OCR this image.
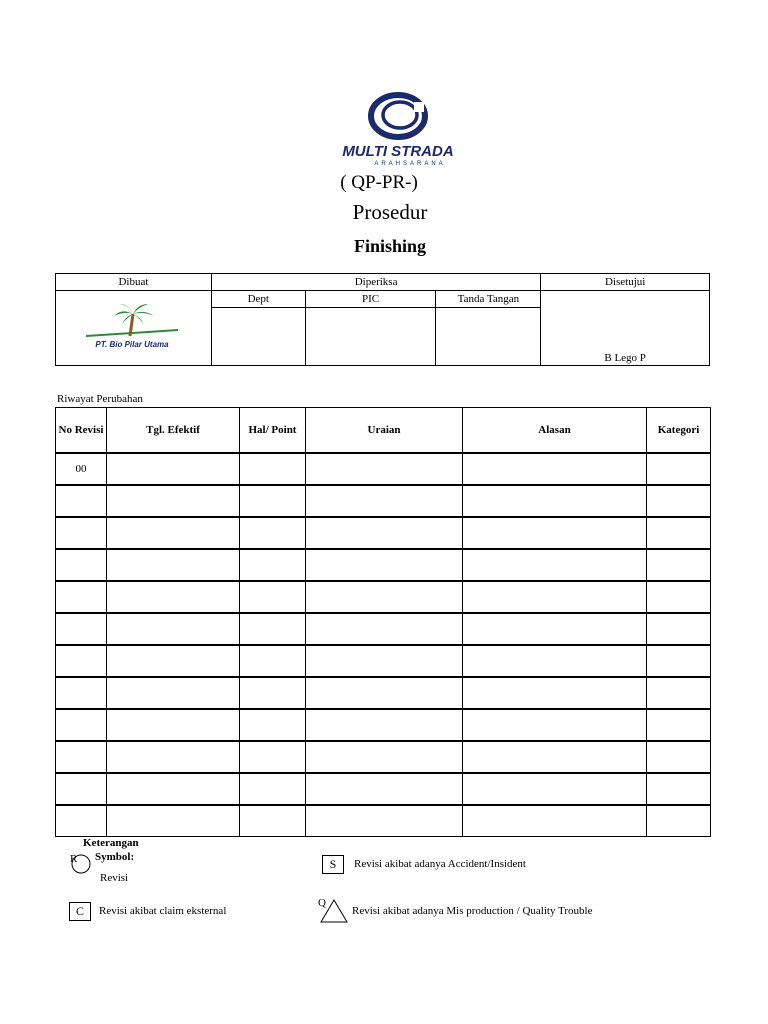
MULTI STRADA
ARAHSARANA
( QP-PR-)
Prosedur
Finishing
Dibuat	Diperiksa			Disetujui

PT. Bio Pilar Utama	Dept	PIC	Tanda Tangan	B Lego P

Riwayat Perubahan
No Revisi	Tgl. Efektif	Hal/ Point	Uraian	Alasan	Kategori
00					

Keterangan
Symbol:
R
Revisi
S	Revisi akibat adanya Accident/Insident
C	Revisi akibat claim eksternal
Q
Revisi akibat adanya Mis production / Quality Trouble
